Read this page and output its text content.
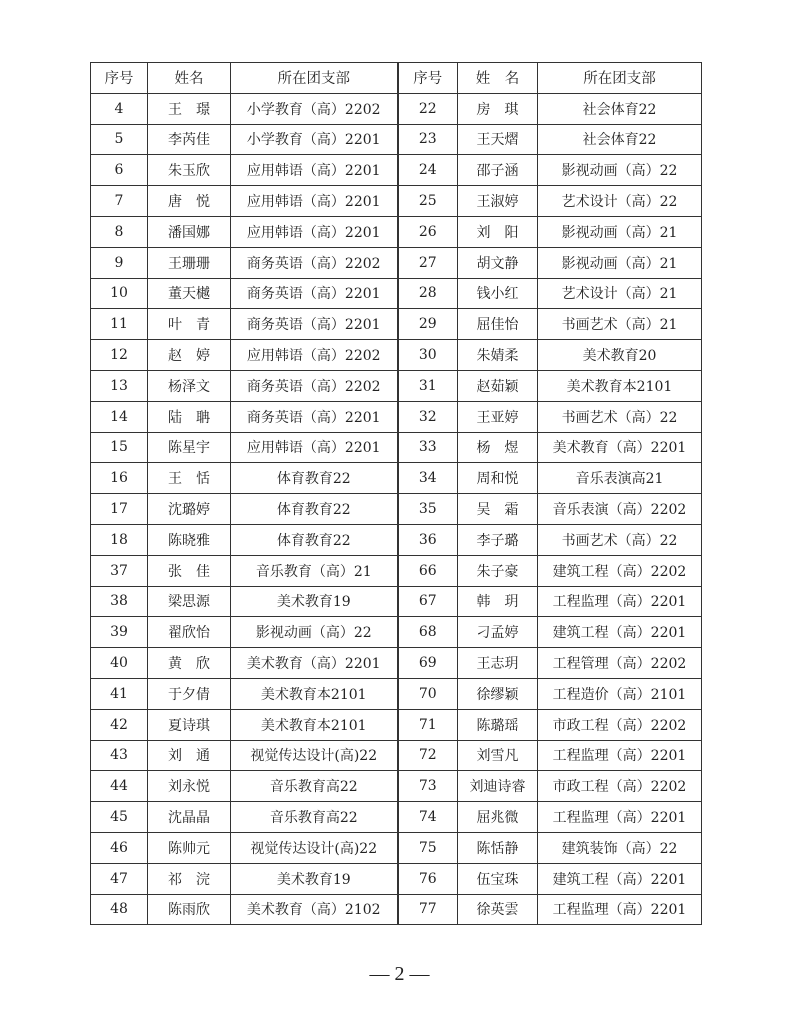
序号	姓名	所在团支部	序号	姓　名	所在团支部
4	王　璟	小学教育（高）2202	22	房　琪	社会体育22
5	李芮佳	小学教育（高）2201	23	王天熠	社会体育22
6	朱玉欣	应用韩语（高）2201	24	邵子涵	影视动画（高）22
7	唐　悦	应用韩语（高）2201	25	王淑婷	艺术设计（高）22
8	潘国娜	应用韩语（高）2201	26	刘　阳	影视动画（高）21
9	王珊珊	商务英语（高）2202	27	胡文静	影视动画（高）21
10	董天樾	商务英语（高）2201	28	钱小红	艺术设计（高）21
11	叶　青	商务英语（高）2201	29	屈佳怡	书画艺术（高）21
12	赵　婷	应用韩语（高）2202	30	朱婧柔	美术教育20
13	杨泽文	商务英语（高）2202	31	赵茹颖	美术教育本2101
14	陆　聃	商务英语（高）2201	32	王亚婷	书画艺术（高）22
15	陈星宇	应用韩语（高）2201	33	杨　煜	美术教育（高）2201
16	王　恬	体育教育22	34	周和悦	音乐表演高21
17	沈璐婷	体育教育22	35	吴　霜	音乐表演（高）2202
18	陈晓雅	体育教育22	36	李子璐	书画艺术（高）22
37	张　佳	音乐教育（高）21	66	朱子豪	建筑工程（高）2202
38	梁思源	美术教育19	67	韩　玥	工程监理（高）2201
39	翟欣怡	影视动画（高）22	68	刁孟婷	建筑工程（高）2201
40	黄　欣	美术教育（高）2201	69	王志玥	工程管理（高）2202
41	于夕倩	美术教育本2101	70	徐缪颖	工程造价（高）2101
42	夏诗琪	美术教育本2101	71	陈璐瑶	市政工程（高）2202
43	刘　通	视觉传达设计(高)22	72	刘雪凡	工程监理（高）2201
44	刘永悦	音乐教育高22	73	刘迪诗睿	市政工程（高）2202
45	沈晶晶	音乐教育高22	74	屈兆微	工程监理（高）2201
46	陈帅元	视觉传达设计(高)22	75	陈恬静	建筑装饰（高）22
47	祁　浣	美术教育19	76	伍宝珠	建筑工程（高）2201
48	陈雨欣	美术教育（高）2102	77	徐英雲	工程监理（高）2201
— 2 —
